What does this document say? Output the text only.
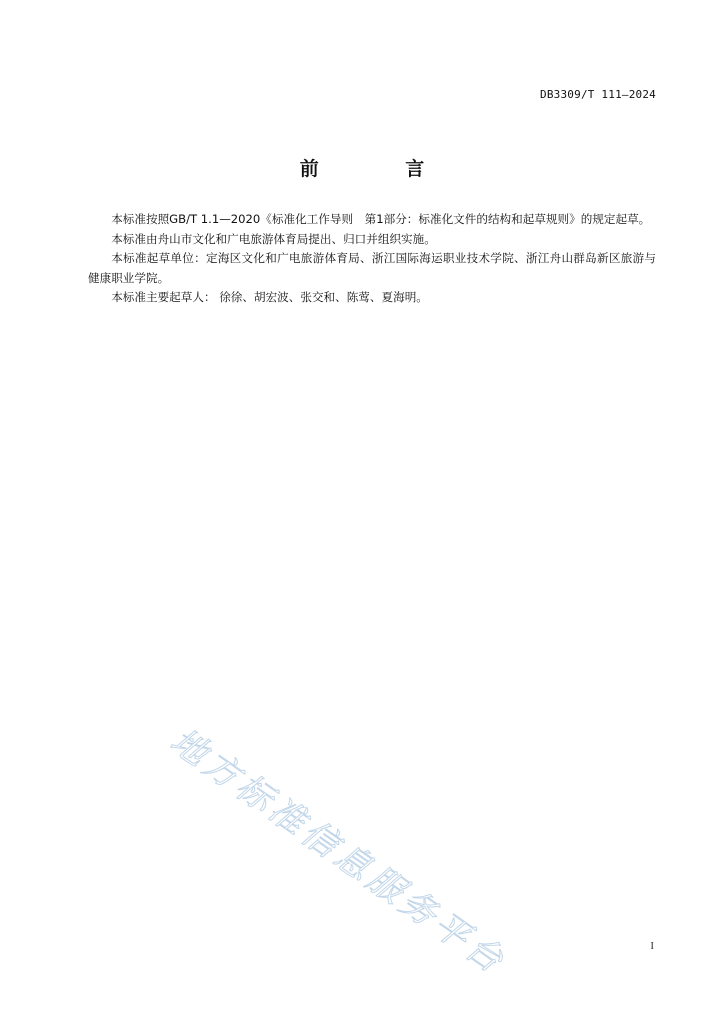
DB3309/T 111—2024
前 言

本标准按照GB/T 1.1—2020《标准化工作导则　第1部分：标准化文件的结构和起草规则》的规定起草。

本标准由舟山市文化和广电旅游体育局提出、归口并组织实施。

本标准起草单位：定海区文化和广电旅游体育局、浙江国际海运职业技术学院、浙江舟山群岛新区旅游与健康职业学院。

本标准主要起草人： 徐徐、胡宏波、张交和、陈莺、夏海明。

地方标准信息服务平台	I
